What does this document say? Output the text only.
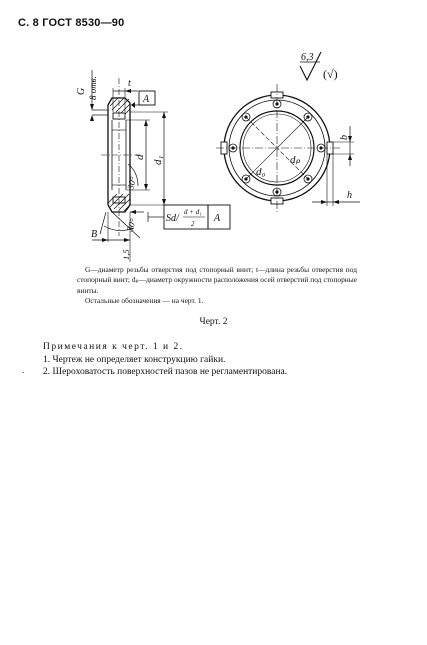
С. 8 ГОСТ 8530—90
G 8 отв.	t
A
d d₁
30°
30°
B
1,5
Sd/
d + d₁
2 A
dₚ
d₀
b
h
6,3
(√)

G—диаметр резьбы отверстия под стопорный винт; t—длина резьбы отверстия под стопорный винт; dₚ—диаметр окружности расположения осей отверстий под стопорные винты.

Остальные обозначения — на черт. 1.

Черт. 2
.
Примечания к черт. 1 и 2.
1. Чертеж не определяет конструкцию гайки.
2. Шероховатость поверхностей пазов не регламентирована.
